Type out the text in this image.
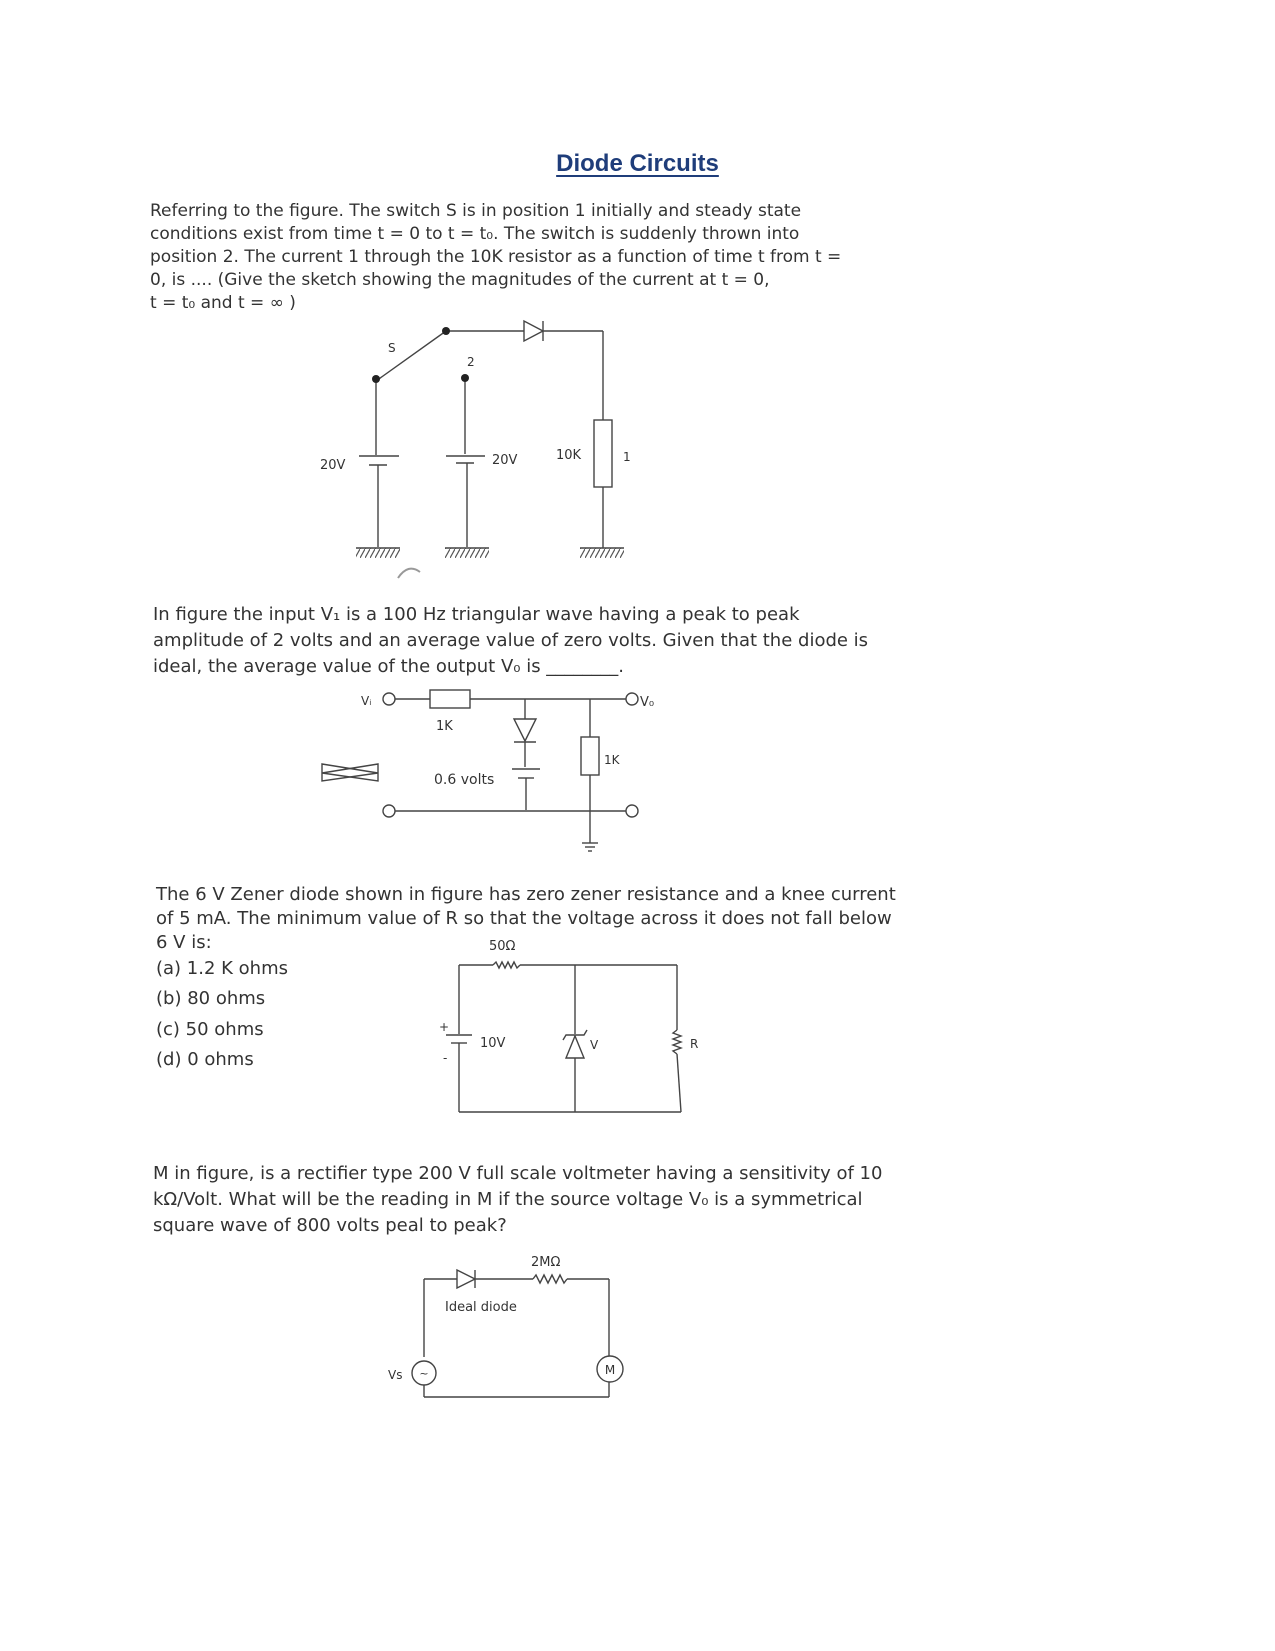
Diode Circuits
Referring to the figure. The switch S is in position 1 initially and steady state
conditions exist from time t = 0 to t = t₀. The switch is suddenly thrown into
position 2. The current 1 through the 10K resistor as a function of time t from t =
0, is .... (Give the sketch showing the magnitudes of the current at t = 0,
t = t₀ and t = ∞ )
In figure the input V₁ is a 100 Hz triangular wave having a peak to peak
amplitude of 2 volts and an average value of zero volts. Given that the diode is
ideal, the average value of the output V₀ is ________.
The 6 V Zener diode shown in figure has zero zener resistance and a knee current
of 5 mA. The minimum value of R so that the voltage across it does not fall below
6 V is:
(a) 1.2 K ohms
(b) 80 ohms
(c) 50 ohms
(d) 0 ohms
M in figure, is a rectifier type 200 V full scale voltmeter having a sensitivity of 10
kΩ/Volt. What will be the reading in M if the source voltage V₀ is a symmetrical
square wave of 800 volts peal to peak?
S
2
20V	20V	10K	1
Vᵢ	V₀
1K
1K
0.6 volts
50Ω
+
-
10V	V	R
2MΩ
Ideal diode
Vs ~	M
